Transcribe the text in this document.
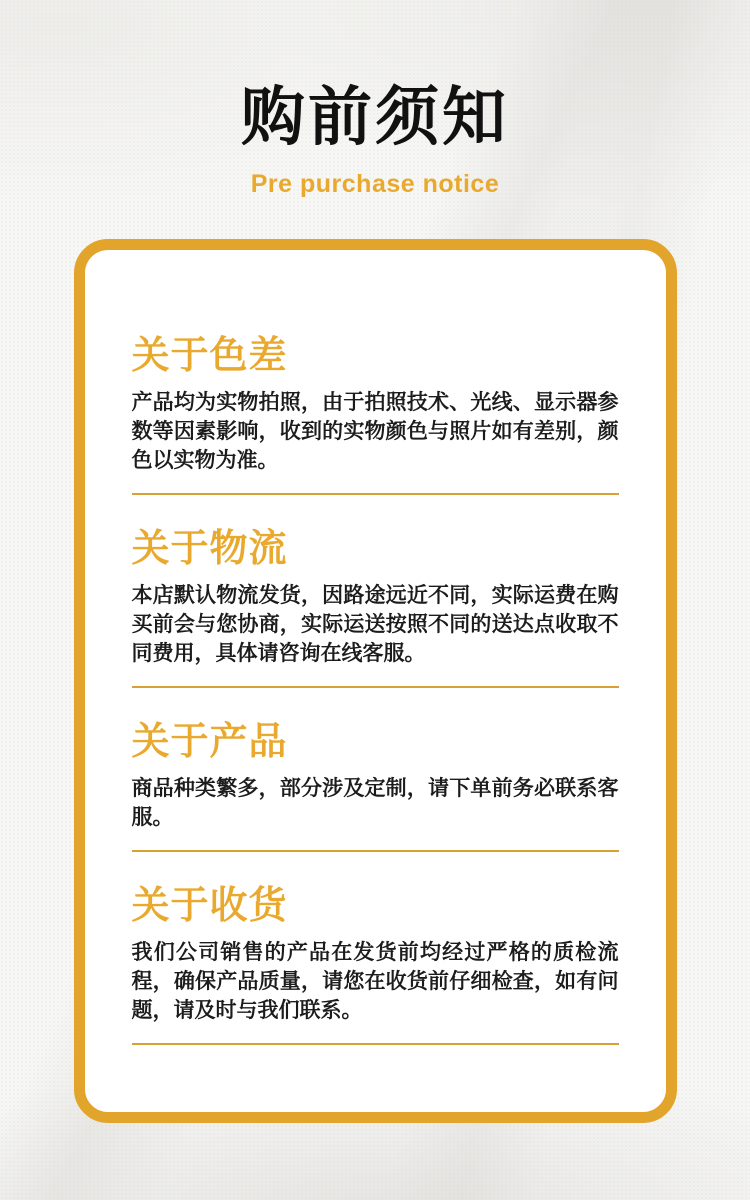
购前须知
Pre purchase notice
关于色差

产品均为实物拍照，由于拍照技术、光线、显示器参数等因素影响，收到的实物颜色与照片如有差别，颜色以实物为准。

关于物流

本店默认物流发货，因路途远近不同，实际运费在购买前会与您协商，实际运送按照不同的送达点收取不同费用，具体请咨询在线客服。

关于产品

商品种类繁多，部分涉及定制，请下单前务必联系客服。

关于收货

我们公司销售的产品在发货前均经过严格的质检流程，确保产品质量，请您在收货前仔细检查，如有问题，请及时与我们联系。
